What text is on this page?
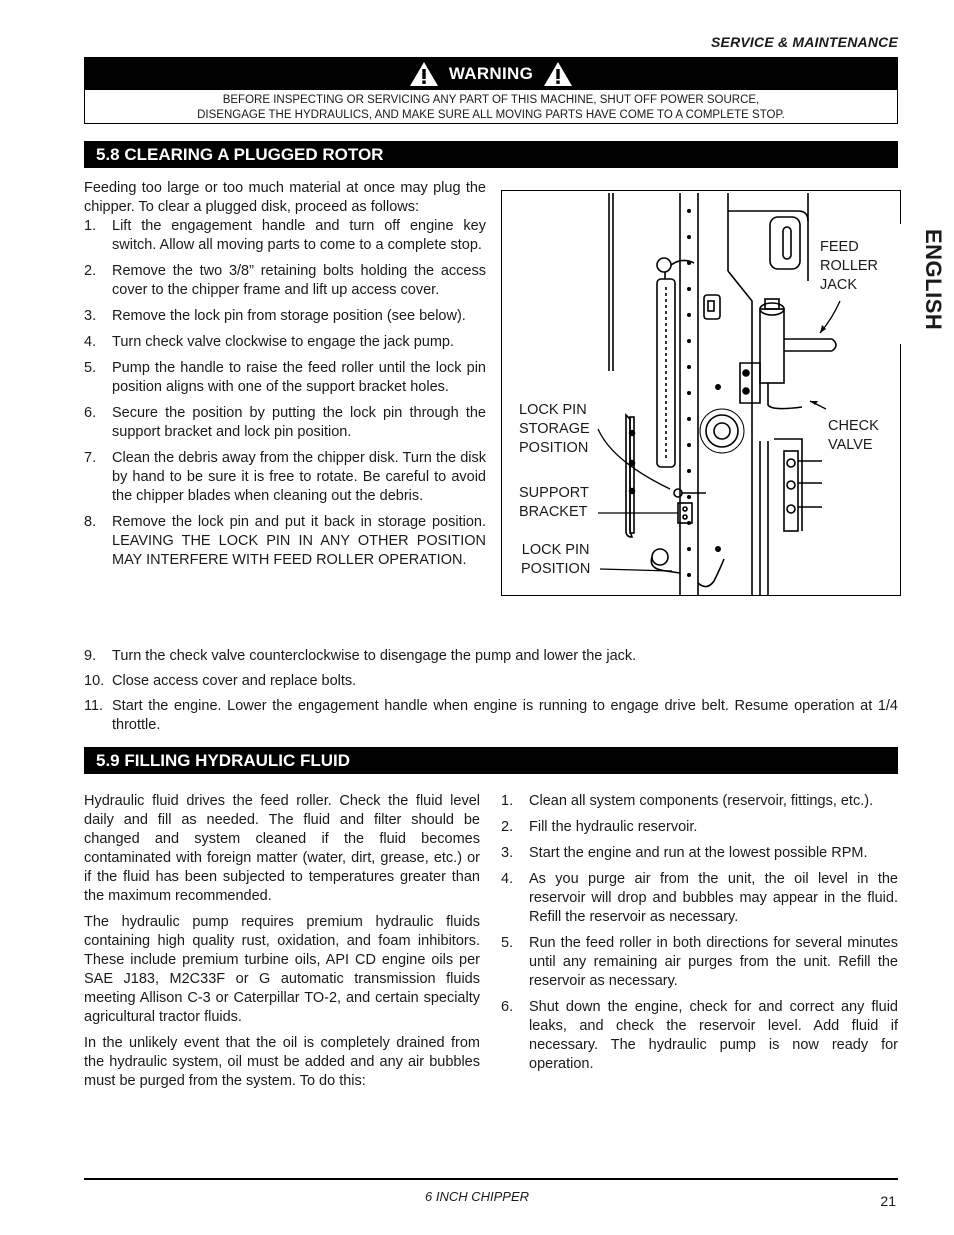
SERVICE & MAINTENANCE
WARNING
BEFORE INSPECTING OR SERVICING ANY PART OF THIS MACHINE, SHUT OFF POWER SOURCE,
DISENGAGE THE HYDRAULICS, AND MAKE SURE ALL MOVING PARTS HAVE COME TO A COMPLETE STOP.
5.8 CLEARING A PLUGGED ROTOR

Feeding too large or too much material at once may plug the chipper. To clear a plugged disk, proceed as follows:

1.	Lift the engagement handle and turn off engine key switch. Allow all moving parts to come to a complete stop.
2.	Remove the two 3/8” retaining bolts holding the access cover to the chipper frame and lift up access cover.
3.	Remove the lock pin from storage position (see below).
4.	Turn check valve clockwise to engage the jack pump.
5.	Pump the handle to raise the feed roller until the lock pin position aligns with one of the support bracket holes.
6.	Secure the position by putting the lock pin through the support bracket and lock pin position.
7.	Clean the debris away from the chipper disk. Turn the disk by hand to be sure it is free to rotate. Be careful to avoid the chipper blades when cleaning out the debris.
8.	Remove the lock pin and put it back in storage position. LEAVING THE LOCK PIN IN ANY OTHER POSITION MAY INTERFERE WITH FEED ROLLER OPERATION.
9.	Turn the check valve counterclockwise to disengage the pump and lower the jack.
10. Close access cover and replace bolts.
11. Start the engine. Lower the engagement handle when engine is running to engage drive belt. Resume operation at 1/4 throttle.
FEED
ROLLER
JACK
CHECK
VALVE
LOCK PIN
STORAGE
POSITION
SUPPORT
BRACKET
LOCK PIN
POSITION
ENGLISH
5.9 FILLING HYDRAULIC FLUID

Hydraulic fluid drives the feed roller. Check the fluid level daily and fill as needed. The fluid and filter should be changed and system cleaned if the fluid becomes contaminated with foreign matter (water, dirt, grease, etc.) or if the fluid has been subjected to temperatures greater than the maximum recommended.

The hydraulic pump requires premium hydraulic fluids containing high quality rust, oxidation, and foam inhibitors. These include premium turbine oils, API CD engine oils per SAE J183, M2C33F or G automatic transmission fluids meeting Allison C-3 or Caterpillar TO-2, and certain specialty agricultural tractor fluids.

In the unlikely event that the oil is completely drained from the hydraulic system, oil must be added and any air bubbles must be purged from the system. To do this:

1.	Clean all system components (reservoir, fittings, etc.).
2.	Fill the hydraulic reservoir.
3.	Start the engine and run at the lowest possible RPM.
4.	As you purge air from the unit, the oil level in the reservoir will drop and bubbles may appear in the fluid. Refill the reservoir as necessary.
5.	Run the feed roller in both directions for several minutes until any remaining air purges from the unit. Refill the reservoir as necessary.
6.	Shut down the engine, check for and correct any fluid leaks, and check the reservoir level. Add fluid if necessary. The hydraulic pump is now ready for operation.
6 INCH CHIPPER	21
